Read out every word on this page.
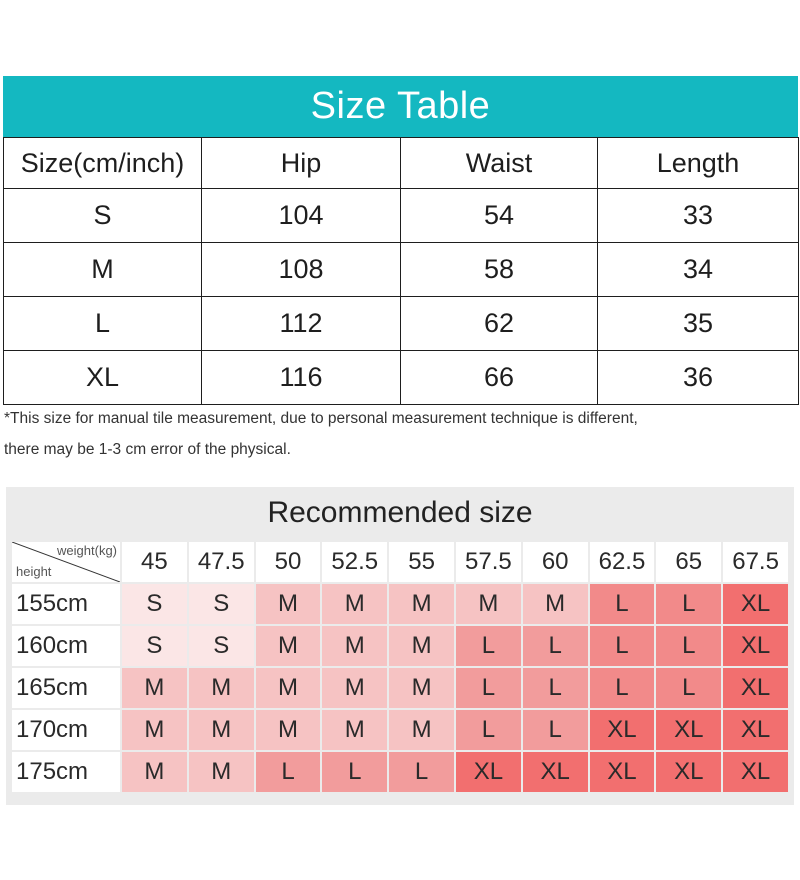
Size Table
Size(cm/inch)	Hip	Waist	Length
S	104	54	33
M	108	58	34
L	112	62	35
XL	116	66	36
*This size for manual tile measurement, due to personal measurement technique is different,
there may be 1-3 cm error of the physical.
Recommended size
weight(kg)
height	45	47.5	50	52.5	55	57.5	60	62.5	65	67.5
155cm	S	S	M	M	M	M	M	L	L	XL
160cm	S	S	M	M	M	L	L	L	L	XL
165cm	M	M	M	M	M	L	L	L	L	XL
170cm	M	M	M	M	M	L	L	XL	XL	XL
175cm	M	M	L	L	L	XL	XL	XL	XL	XL
